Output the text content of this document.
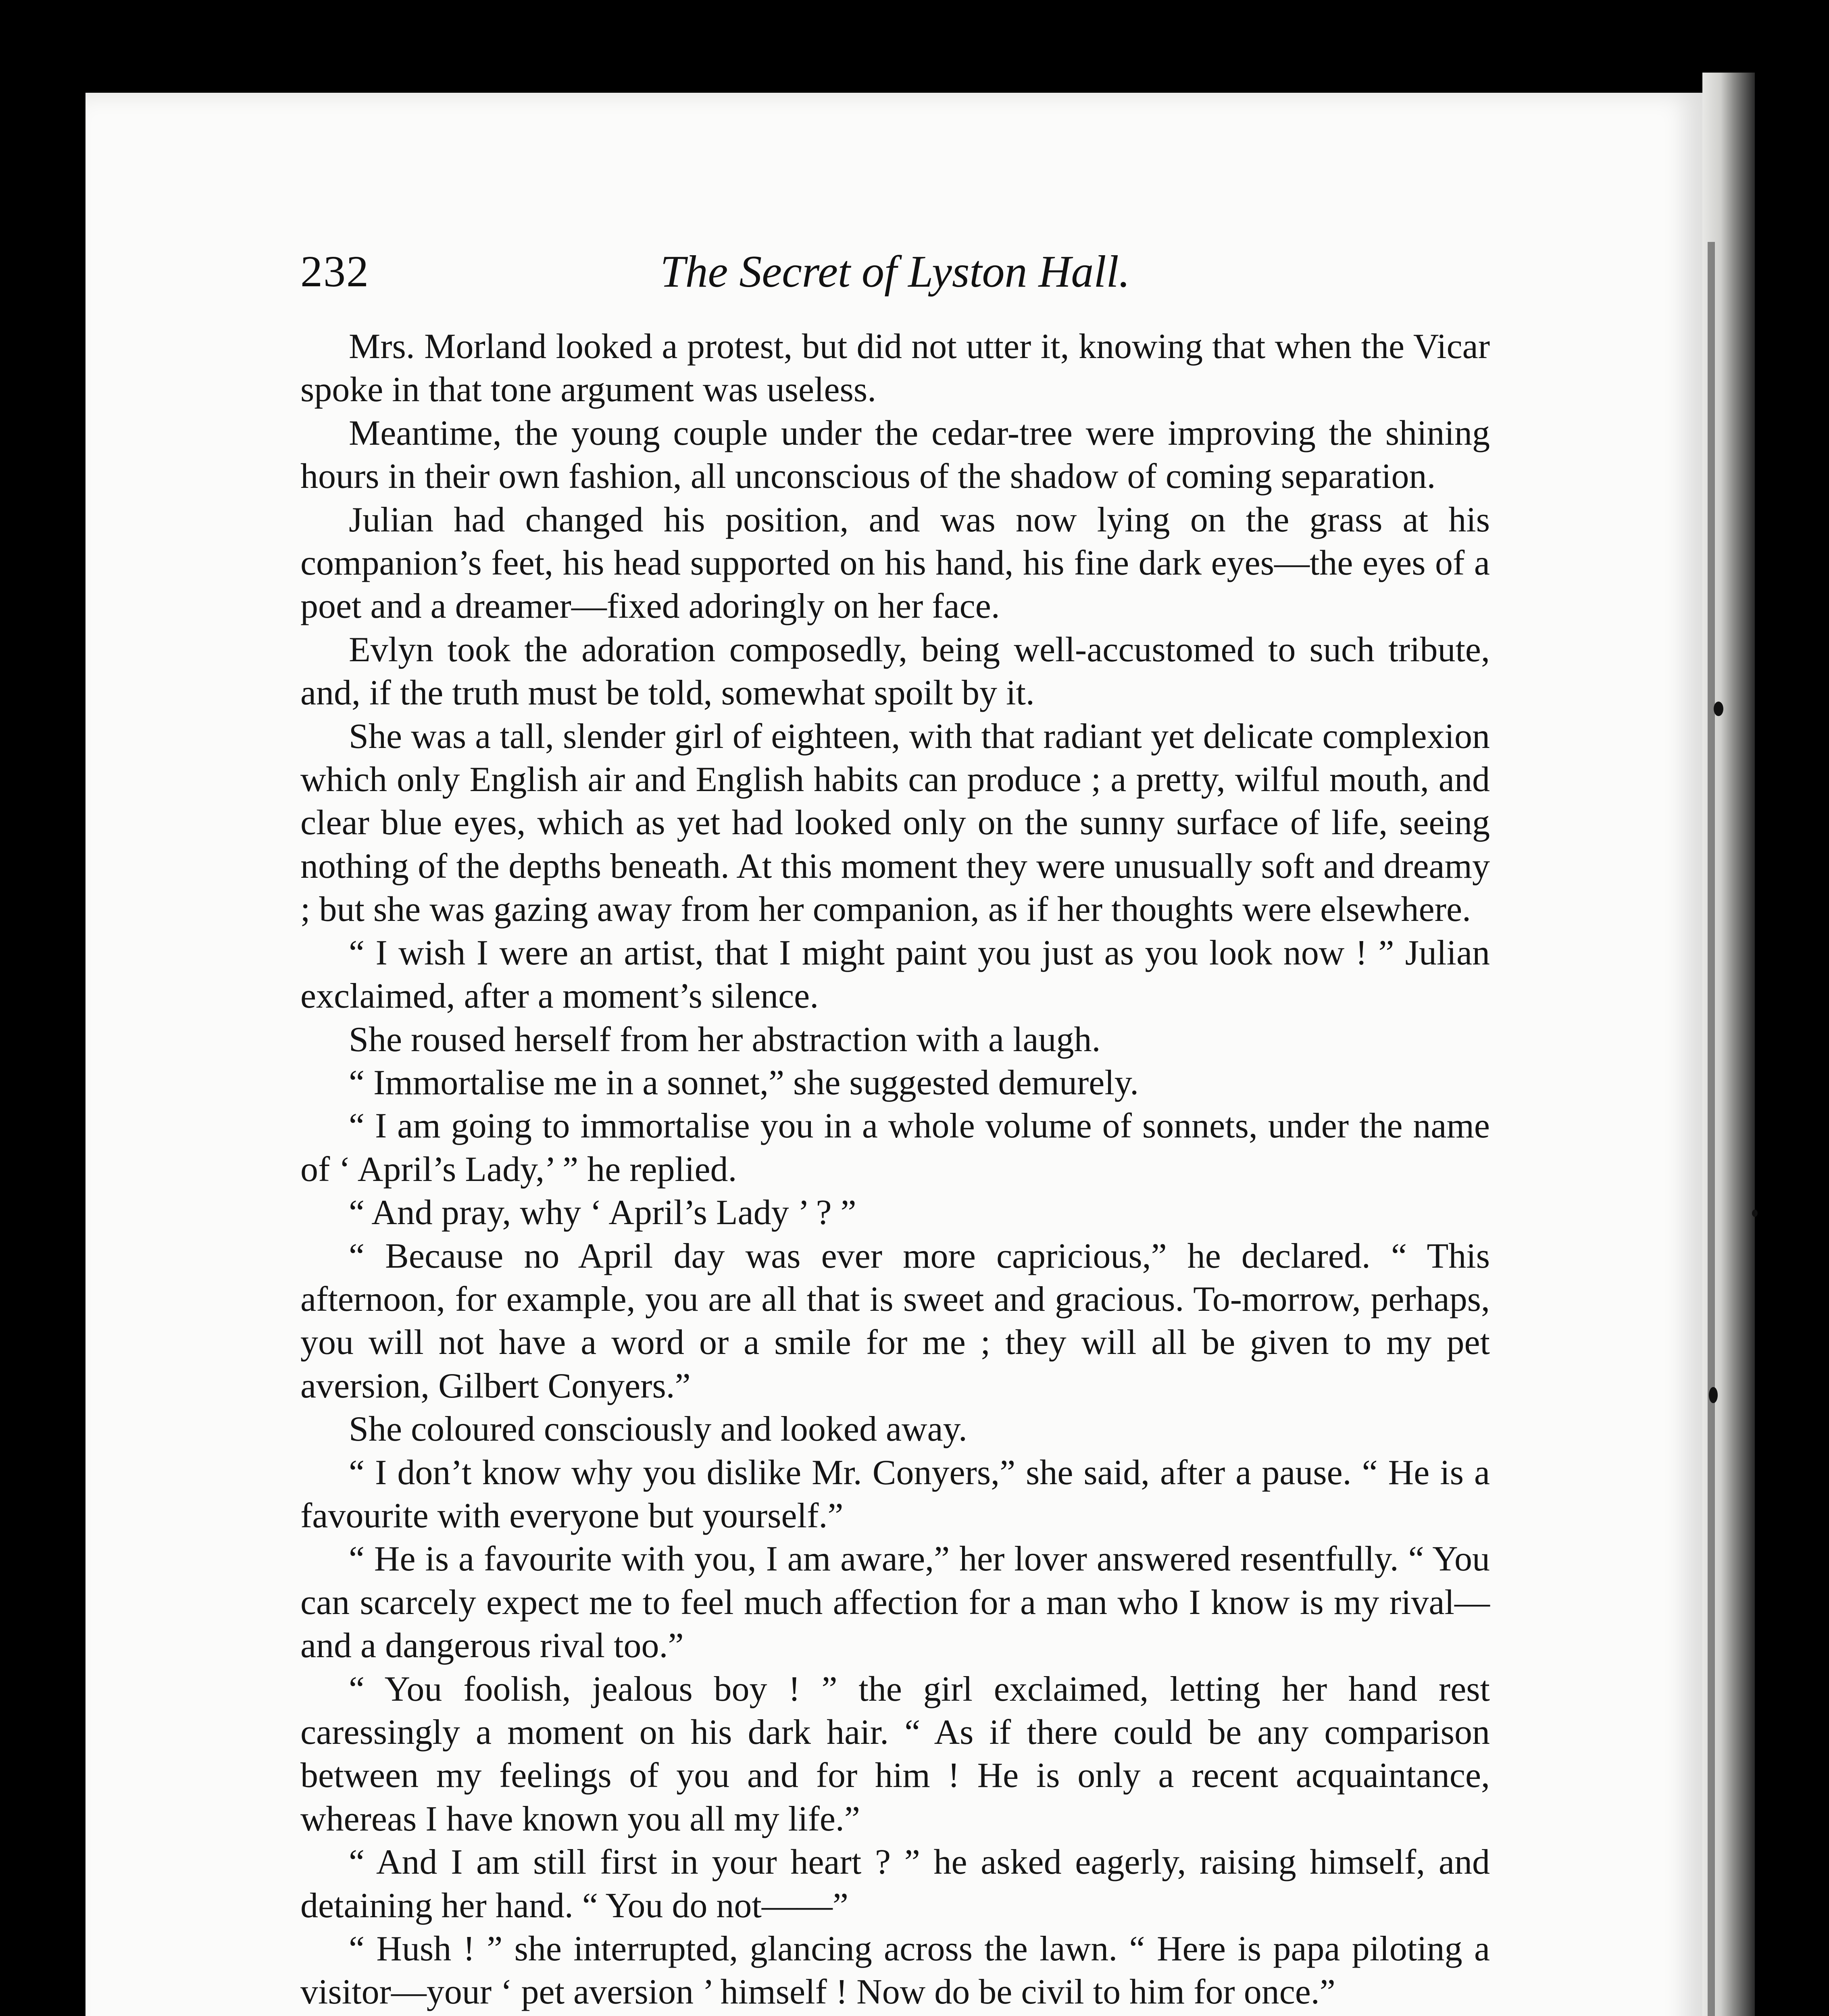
232	The Secret of Lyston Hall.

Mrs. Morland looked a protest, but did not utter it, knowing that when the Vicar spoke in that tone argument was useless.

Meantime, the young couple under the cedar-tree were improving the shining hours in their own fashion, all unconscious of the shadow of coming separation.

Julian had changed his position, and was now lying on the grass at his companion’s feet, his head supported on his hand, his fine dark eyes—the eyes of a poet and a dreamer—fixed adoringly on her face.

Evlyn took the adoration composedly, being well-accustomed to such tribute, and, if the truth must be told, somewhat spoilt by it.

She was a tall, slender girl of eighteen, with that radiant yet delicate complexion which only English air and English habits can produce ; a pretty, wilful mouth, and clear blue eyes, which as yet had looked only on the sunny surface of life, seeing nothing of the depths beneath. At this moment they were unusually soft and dreamy ; but she was gazing away from her companion, as if her thoughts were elsewhere.

“ I wish I were an artist, that I might paint you just as you look now ! ” Julian exclaimed, after a moment’s silence.

She roused herself from her abstraction with a laugh.

“ Immortalise me in a sonnet,” she suggested demurely.

“ I am going to immortalise you in a whole volume of sonnets, under the name of ‘ April’s Lady,’ ” he replied.

“ And pray, why ‘ April’s Lady ’ ? ”

“ Because no April day was ever more capricious,” he declared. “ This afternoon, for example, you are all that is sweet and gracious. To-morrow, perhaps, you will not have a word or a smile for me ; they will all be given to my pet aversion, Gilbert Conyers.”

She coloured consciously and looked away.

“ I don’t know why you dislike Mr. Conyers,” she said, after a pause. “ He is a favourite with everyone but yourself.”

“ He is a favourite with you, I am aware,” her lover answered resentfully. “ You can scarcely expect me to feel much affection for a man who I know is my rival—and a dangerous rival too.”

“ You foolish, jealous boy ! ” the girl exclaimed, letting her hand rest caressingly a moment on his dark hair. “ As if there could be any comparison between my feelings of you and for him ! He is only a recent acquaintance, whereas I have known you all my life.”

“ And I am still first in your heart ? ” he asked eagerly, raising himself, and detaining her hand. “ You do not——”

“ Hush ! ” she interrupted, glancing across the lawn. “ Here is papa piloting a visitor—your ‘ pet aversion ’ himself ! Now do be civil to him for once.”
